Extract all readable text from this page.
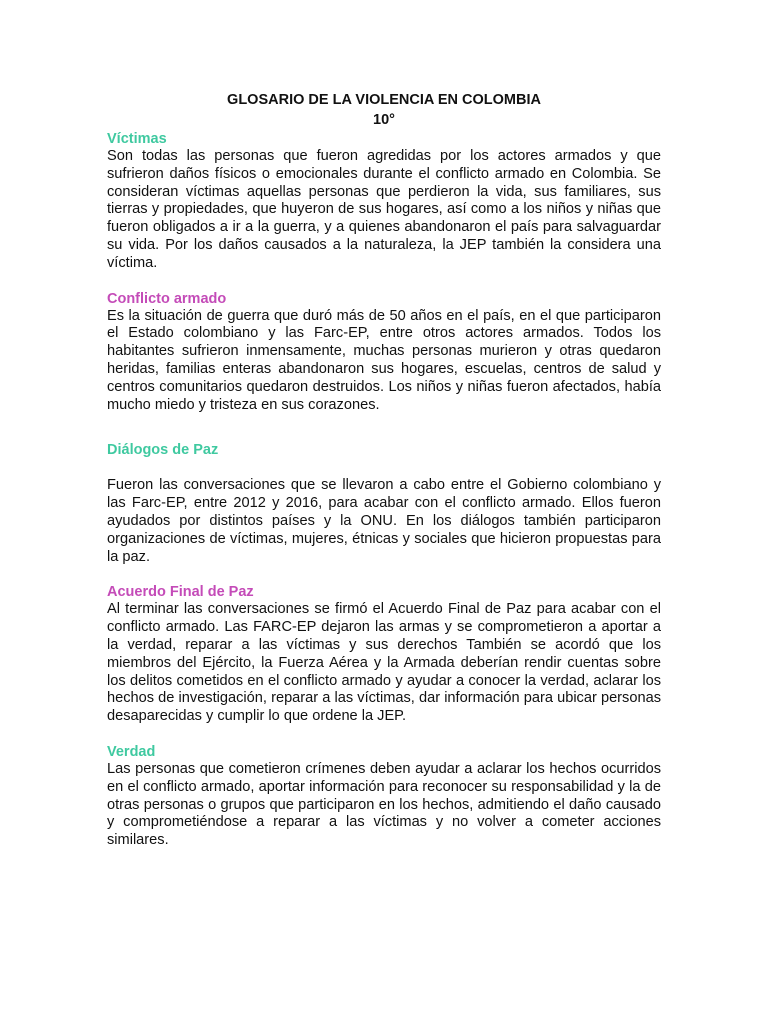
GLOSARIO DE LA VIOLENCIA EN COLOMBIA

10°

Víctimas

Son todas las personas que fueron agredidas por los actores armados y que sufrieron daños físicos o emocionales durante el conflicto armado en Colombia. Se consideran víctimas aquellas personas que perdieron la vida, sus familiares, sus tierras y propiedades, que huyeron de sus hogares, así como a los niños y niñas que fueron obligados a ir a la guerra, y a quienes abandonaron el país para salvaguardar su vida. Por los daños causados a la naturaleza, la JEP también la considera una víctima.

Conflicto armado

Es la situación de guerra que duró más de 50 años en el país, en el que participaron el Estado colombiano y las Farc-EP, entre otros actores armados. Todos los habitantes sufrieron inmensamente, muchas personas murieron y otras quedaron heridas, familias enteras abandonaron sus hogares, escuelas, centros de salud y centros comunitarios quedaron destruidos. Los niños y niñas fueron afectados, había mucho miedo y tristeza en sus corazones.

Diálogos de Paz

Fueron las conversaciones que se llevaron a cabo entre el Gobierno colombiano y las Farc-EP, entre 2012 y 2016, para acabar con el conflicto armado. Ellos fueron ayudados por distintos países y la ONU. En los diálogos también participaron organizaciones de víctimas, mujeres, étnicas y sociales que hicieron propuestas para la paz.

Acuerdo Final de Paz

Al terminar las conversaciones se firmó el Acuerdo Final de Paz para acabar con el conflicto armado. Las FARC-EP dejaron las armas y se comprometieron a aportar a la verdad, reparar a las víctimas y sus derechos También se acordó que los miembros del Ejército, la Fuerza Aérea y la Armada deberían rendir cuentas sobre los delitos cometidos en el conflicto armado y ayudar a conocer la verdad, aclarar los hechos de investigación, reparar a las víctimas, dar información para ubicar personas desaparecidas y cumplir lo que ordene la JEP.

Verdad

Las personas que cometieron crímenes deben ayudar a aclarar los hechos ocurridos en el conflicto armado, aportar información para reconocer su responsabilidad y la de otras personas o grupos que participaron en los hechos, admitiendo el daño causado y comprometiéndose a reparar a las víctimas y no volver a cometer acciones similares.
